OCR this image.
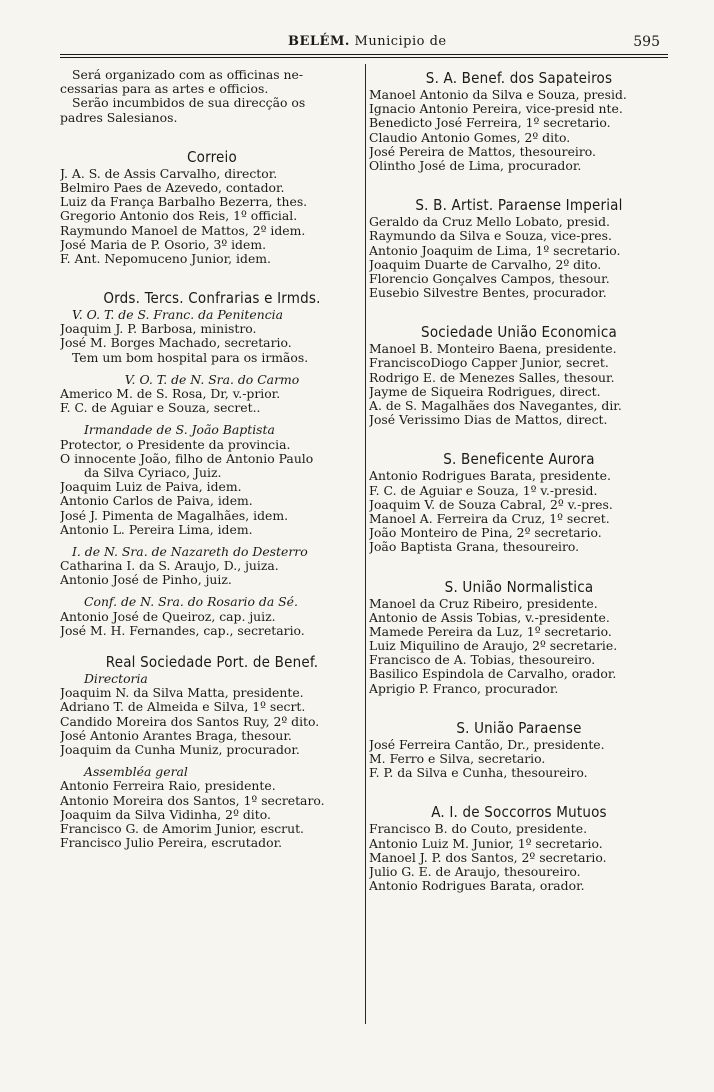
BELÉM. Municipio de	595
Será organizado com as officinas ne-
cessarias para as artes e officios.
Serão incumbidos de sua direcção os
padres Salesianos.
Correio
J. A. S. de Assis Carvalho, director.
Belmiro Paes de Azevedo, contador.
Luiz da França Barbalho Bezerra, thes.
Gregorio Antonio dos Reis, 1º official.
Raymundo Manoel de Mattos, 2º idem.
José Maria de P. Osorio, 3º idem.
F. Ant. Nepomuceno Junior, idem.
Ords. Tercs. Confrarias e Irmds.
V. O. T. de S. Franc. da Penitencia
Joaquim J. P. Barbosa, ministro.
José M. Borges Machado, secretario.
Tem um bom hospital para os irmãos.
V. O. T. de N. Sra. do Carmo
Americo M. de S. Rosa, Dr, v.-prior.
F. C. de Aguiar e Souza, secret..
Irmandade de S. João Baptista
Protector, o Presidente da provincia.
O innocente João, filho de Antonio Paulo
da Silva Cyriaco, Juiz.
Joaquim Luiz de Paiva, idem.
Antonio Carlos de Paiva, idem.
José J. Pimenta de Magalhães, idem.
Antonio L. Pereira Lima, idem.
I. de N. Sra. de Nazareth do Desterro
Catharina I. da S. Araujo, D., juiza.
Antonio José de Pinho, juiz.
Conf. de N. Sra. do Rosario da Sé.
Antonio José de Queiroz, cap. juiz.
José M. H. Fernandes, cap., secretario.
Real Sociedade Port. de Benef.
Directoria
Joaquim N. da Silva Matta, presidente.
Adriano T. de Almeida e Silva, 1º secrt.
Candido Moreira dos Santos Ruy, 2º dito.
José Antonio Arantes Braga, thesour.
Joaquim da Cunha Muniz, procurador.
Assembléa geral
Antonio Ferreira Raio, presidente.
Antonio Moreira dos Santos, 1º secretaro.
Joaquim da Silva Vidinha, 2º dito.
Francisco G. de Amorim Junior, escrut.
Francisco Julio Pereira, escrutador.
S. A. Benef. dos Sapateiros
Manoel Antonio da Silva e Souza, presid.
Ignacio Antonio Pereira, vice-presid nte.
Benedicto José Ferreira, 1º secretario.
Claudio Antonio Gomes, 2º dito.
José Pereira de Mattos, thesoureiro.
Olintho José de Lima, procurador.
S. B. Artist. Paraense Imperial
Geraldo da Cruz Mello Lobato, presid.
Raymundo da Silva e Souza, vice-pres.
Antonio Joaquim de Lima, 1º secretario.
Joaquim Duarte de Carvalho, 2º dito.
Florencio Gonçalves Campos, thesour.
Eusebio Silvestre Bentes, procurador.
Sociedade União Economica
Manoel B. Monteiro Baena, presidente.
FranciscoDiogo Capper Junior, secret.
Rodrigo E. de Menezes Salles, thesour.
Jayme de Siqueira Rodrigues, direct.
A. de S. Magalhães dos Navegantes, dir.
José Verissimo Dias de Mattos, direct.
S. Beneficente Aurora
Antonio Rodrigues Barata, presidente.
F. C. de Aguiar e Souza, 1º v.-presid.
Joaquim V. de Souza Cabral, 2º v.-pres.
Manoel A. Ferreira da Cruz, 1º secret.
João Monteiro de Pina, 2º secretario.
João Baptista Grana, thesoureiro.
S. União Normalistica
Manoel da Cruz Ribeiro, presidente.
Antonio de Assis Tobias, v.-presidente.
Mamede Pereira da Luz, 1º secretario.
Luiz Miquilino de Araujo, 2º secretarie.
Francisco de A. Tobias, thesoureiro.
Basilico Espindola de Carvalho, orador.
Aprigio P. Franco, procurador.
S. União Paraense
José Ferreira Cantão, Dr., presidente.
M. Ferro e Silva, secretario.
F. P. da Silva e Cunha, thesoureiro.
A. I. de Soccorros Mutuos
Francisco B. do Couto, presidente.
Antonio Luiz M. Junior, 1º secretario.
Manoel J. P. dos Santos, 2º secretario.
Julio G. E. de Araujo, thesoureiro.
Antonio Rodrigues Barata, orador.
